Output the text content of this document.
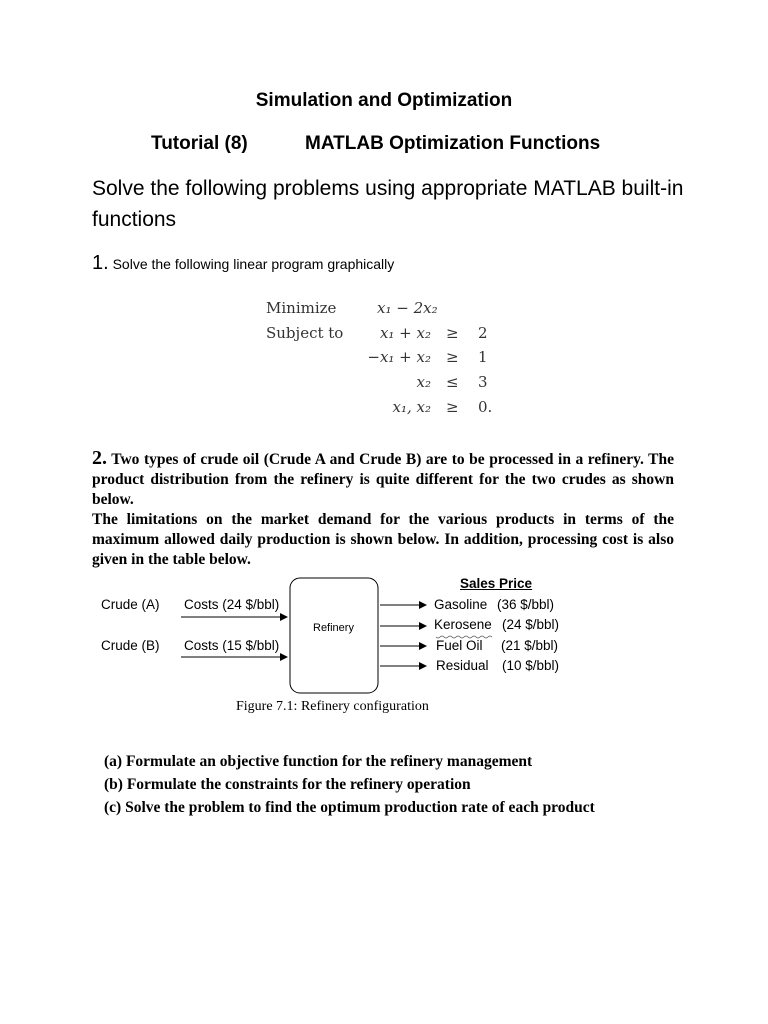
Simulation and Optimization
Tutorial (8)	MATLAB Optimization Functions
Solve the following problems using appropriate MATLAB built-in functions
1. Solve the following linear program graphically
Minimize	x₁ − 2x₂
Subject to x₁ + x₂ ≥ 2
−x₁ + x₂ ≥ 1
x₂ ≤ 3
x₁, x₂ ≥ 0.

2. Two types of crude oil (Crude A and Crude B) are to be processed in a refinery. The product distribution from the refinery is quite different for the two crudes as shown below.

The limitations on the market demand for the various products in terms of the maximum allowed daily production is shown below. In addition, processing cost is also given in the table below.

Crude (A) Costs (24 $/bbl)
Crude (B) Costs (15 $/bbl)
Refinery
Sales Price
Gasoline (36 $/bbl)
Kerosene (24 $/bbl)
Fuel Oil (21 $/bbl)
Residual (10 $/bbl)
Figure 7.1: Refinery configuration
(a) Formulate an objective function for the refinery management
(b) Formulate the constraints for the refinery operation
(c) Solve the problem to find the optimum production rate of each product
